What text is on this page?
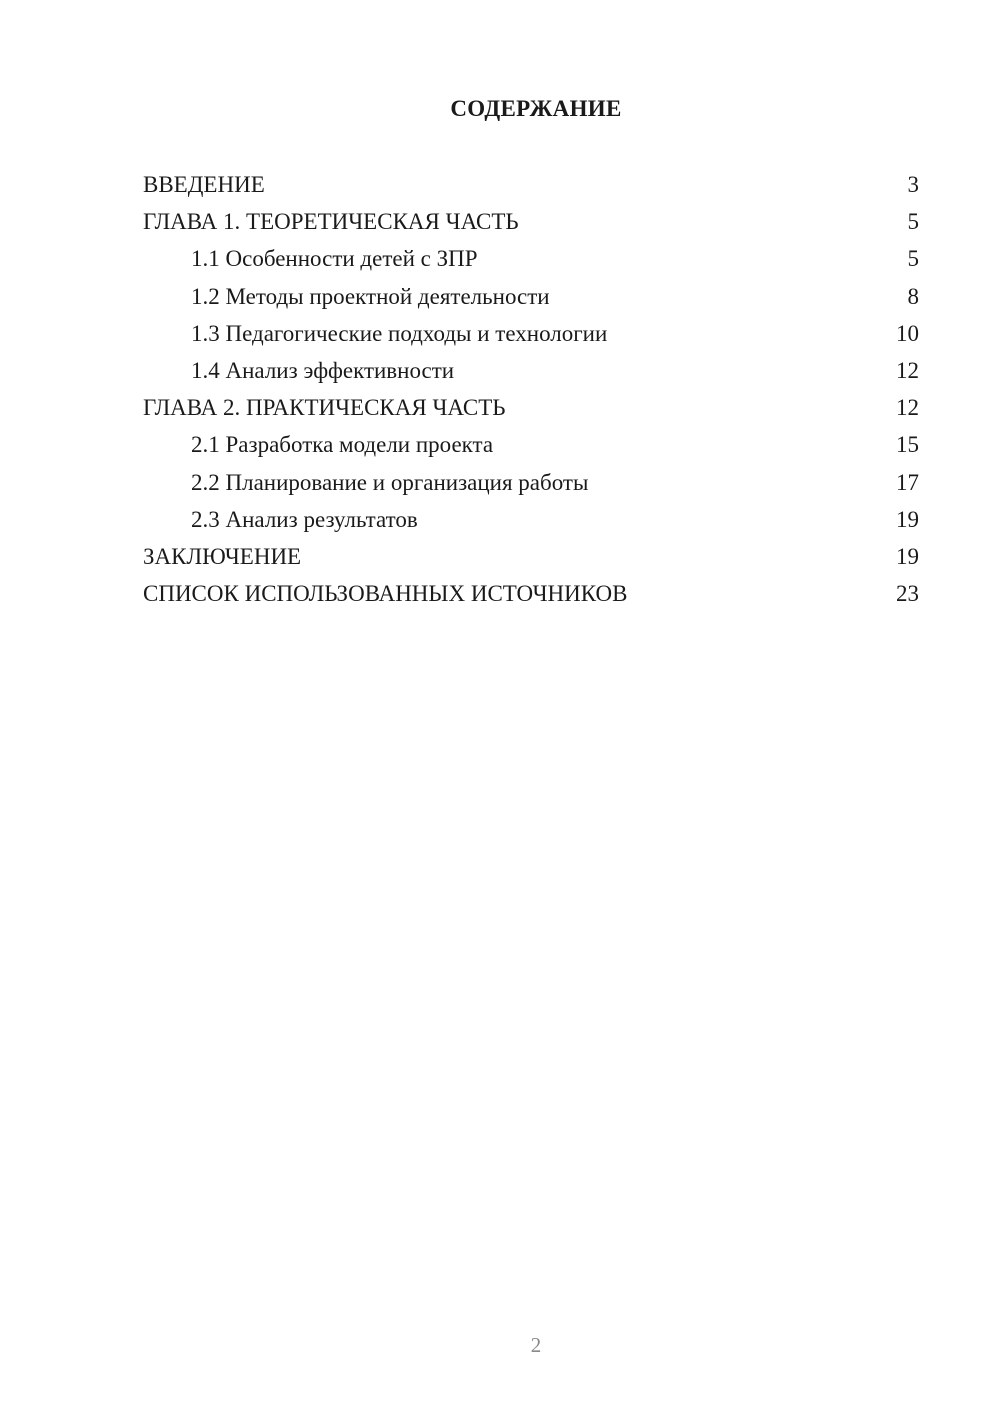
СОДЕРЖАНИЕ
ВВЕДЕНИЕ	3
ГЛАВА 1. ТЕОРЕТИЧЕСКАЯ ЧАСТЬ	5
1.1 Особенности детей с ЗПР	5
1.2 Методы проектной деятельности	8
1.3 Педагогические подходы и технологии	10
1.4 Анализ эффективности	12
ГЛАВА 2. ПРАКТИЧЕСКАЯ ЧАСТЬ	12
2.1 Разработка модели проекта	15
2.2 Планирование и организация работы	17
2.3 Анализ результатов	19
ЗАКЛЮЧЕНИЕ	19
СПИСОК ИСПОЛЬЗОВАННЫХ ИСТОЧНИКОВ	23
2
